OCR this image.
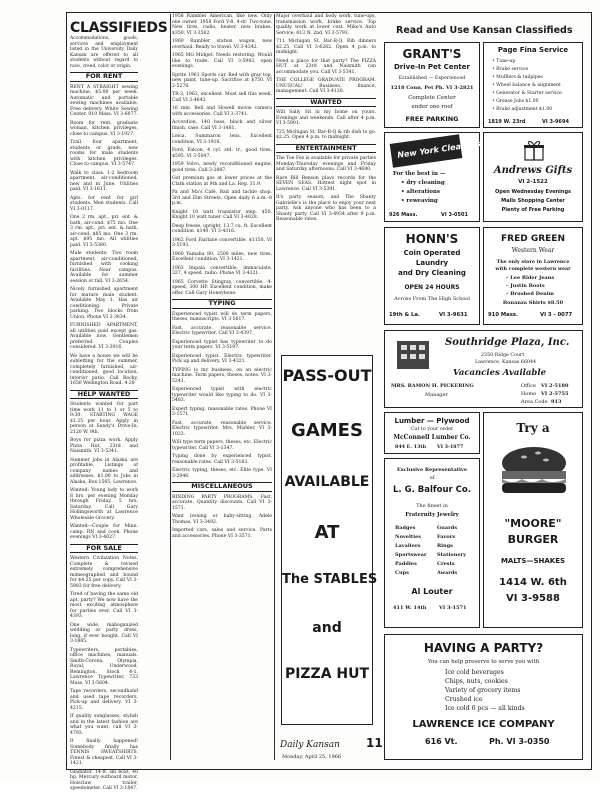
CLASSIFIEDS

Accommodations, goods, services and employment listed in the University Daily Kansan are offered to all students without regard to race, creed, color or origin.

FOR RENT

RENT A STRAIGHT sewing machine, $5.00 per week. Automatic and portable sewing machines available. Free delivery. White Sewing Center. 910 Mass. VI 3-6077.

Room for rent, graduate woman, kitchen privileges, close to campus. VI 3-1927.

Trail, four apartment, students or grads, new rooms for male students with kitchen privileges. Close to campus. VI 3-5747.

Walk to class. 1-2 bedroom apartment, air-conditioned, new and in June. Utilities paid. VI 3-1611.

Apts. for rent for girl students. Men students. Call VI 3-0117.

One 2 rm. apt., pri. ent. & bath, air-cond. $75 mo. One 3 rm. apt., pri. ent. & bath, air-cond. $85 mo. One 3 rm. apt. $95 mo. All utilities paid. VI 3-5380.

Male students: Two room apartment, air-conditioned, furnished with cooking facilities. Near campus. Available for summer session or fall. VI 3-2654.

Nicely furnished apartment for mature male student. Available May 1. Has air conditioning. Private parking. Two blocks from Union. Phone VI 3-3634.

FURNISHED APARTMENT, all utilities paid except gas. Available now. Gentlemen preferred. Couples considered. VI 3-3916.

We have a house we will be subletting for the summer, completely furnished, air-conditioned, good location, interior patio. Call Rocky, 1656 Wellington Road. 4-28

HELP WANTED

Students wanted for part time work 11 to 1 or 5 to 9:30. STARTING WAGE $1.25 per hour. Apply in person at Sandy's Drive-In, 2120 W. 9th.

Boys for pizza work. Apply Pizza Hut, 23rd and Naismith. VI 3-5341.

Summer jobs in Alaska are profitable. Listings of company names and addresses. $1.00 to Jobs in Alaska, Box 1565, Lawrence.

Wanted: Young lady to work 8 hrs. per evening Monday through Friday. 5 hrs. Saturday. Call Gary Hollingsworth at Lawrence Wholesale Grocery.

Wanted—Couple for Minn. camp. RN and cook. Phone evenings VI 3-4027.

FOR SALE

Western Civilization Notes. Complete & revised extremely comprehensive mimeographed and bound for $4.25 per copy. Call VI 3-5983 for free delivery.

Tired of having the same old apt. party? We now have the most exciting atmosphere for parties ever. Call VI 3-4393.

One wide, mahoganized wedding or party dress, long, if ever bought. Call VI 3-1865.

Typewriters, portables, office machines, manuals. Smith-Corona, Olympia, Royal, Underwood, Remington. Stock 4-1. Lawrence Typewriter, 733 Mass. VI 3-5604.

Tape recorders, secondhand and used tape recorders. Pick-up and delivery. VI 3-4215.

If quality sunglasses, stylish and in the latest fashion are what you want, call VI 3-4793.

It finally happened! Somebody finally has TENNIS SWEATSHIRTS. Finest & cheapest. Call VI 3-1421.

Gladiator, 14-ft. ski boat, 40 hp. Mercury outboard motor, Holsclaw trailer, speedometer. Call VI 3-1847.

1958 Rambler American, like new. Only one owner. 1958 Ford V-8, 4-dr. Two-tone. New tires, radio, heater, new brakes. $350. VI 3-3562.

1960 Rambler station wagon, new overhaul. Ready to travel. VI 3-4342.

1965 MG Midget. Needs restoring. Would like to trade. Call VI 3-5983, open evenings.

Sprite 1961 Sports car. Red with gray top, new paint, tune-up. Sacrifice at $750. VI 2-5278.

TR-3, 1962, excellent. Must sell this week. Call VI 3-4642.

16 mm. Bell and Howell movie camera with accessories. Call VI 3-3741.

Accordion, 140 bass, black and silver finish, case. Call VI 3-1481.

Leica, Summaron lens. Excellent condition. VI 3-1916.

Ford, Falcon, 4 cyl. std. tr., good tires. $595. VI 3-5047.

1959 Volvo, newly reconditioned engine, good tires. Call 3-2887.

Got premium gas at lower prices at the Clark station at 9th and La. Reg. 31.9.

Pa and Ma's Café. Bait and tackle shop. 3rd and Elm Streets. Open daily 6 a.m.–8 p.m.

Knight 10 watt transistor amp. $50. Knight 10 watt tuner. Call VI 3-4028.

Deep freeze, upright, 13.7 cu. ft. Excellent condition. $140. VI 3-4316.

1962 Ford Fairlane convertible. $1150. VI 3-5193.

1960 Yamaha 80, 2500 miles, new tires. Excellent condition. VI 3-1421.

1963 Impala convertible, immaculate, 327, 4 speed, radio. Phone VI 3-4321.

1965 Corvette Stingray, convertible, 4-speed, 300 HP. Excellent condition, make offer. Call Gary Honeybone.

TYPING

Experienced typist will do term papers, theses, manuscripts. VI 3-5617.

Fast, accurate, reasonable service. Electric typewriter. Call VI 3-4397.

Experienced typist has typewriter to do your term papers. VI 3-5197.

Experienced typist. Electric typewriter. Pick up and delivery. VI 3-4321.

TYPING is my business, on an electric machine. Term papers, theses, notes. VI 3-5241.

Experienced typist with electric typewriter would like typing to do. VI 3-5483.

Expert typing, reasonable rates. Phone VI 3-1571.

Fast, accurate, reasonable service. Electric typewriter. Mrs. Mishler, VI 3-1023.

Will type term papers, theses, etc. Electric typewriter. Call VI 3-1347.

Typing done by experienced typist, reasonable rates. Call VI 3-5183.

Electric typing, theses, etc. Elite type. VI 3-2946.

MISCELLANEOUS

BINDING PARTY PROGRAMS. Fast, accurate. Quantity discounts. Call VI 3-1571.

Want ironing or baby-sitting. Adele Thomas, VI 3-3492.

Imported cars, sales and service. Parts and accessories. Phone VI 3-3571.

Major overhaul and body work, tune-ups, transmission work, brake service. Top quality work at lower cost. Mike's Auto Service, 613 N. 2nd. VI 3-5793.

711 Michigan St. Bar-B-Q. Rib dinners $2.25. Call VI 3-6262. Open 4 p.m. to midnight.

Need a place for that party? The PIZZA HUT at 23rd and Naismith can accommodate you. Call VI 3-5341.

THE COLLEGE GRADUATE PROGRAM. UNUSUAL! Business, finance, management. Call VI 3-4120.

WANTED

Will Sally Sit in my home on yours. Evenings and weekends. Call after 4 p.m. VI 3-5901.

725 Michigan St. Bar-B-Q & rib dish to go. $2.25. Open 4 p.m. to midnight.

ENTERTAINMENT

The Toe Fez is available for private parties Monday-Thursday evenings and Friday and Saturday afternoons. Call VI 3-4680.

Rare Bill Benson plays records for the SEVEN SEAS. Hottest night spot in Lawrence. Call VI 3-5391.

It's party season, and The Shanty Gabrielle's is the place to enjoy your next party. Ask anyone who has been to a Shanty party. Call VI 3-4934 after 9 p.m. Reasonable rates.

PASS-OUT
GAMES
AVAILABLE
AT
The STABLES
and
PIZZA HUT
Daily Kansan 11
Monday, April 25, 1966
Read and Use Kansan Classifieds
GRANT'S
Drive-In Pet Center
Established — Experienced
1218 Conn. Pet Ph. VI 3-2821
Complete Center
under one roof
FREE PARKING
Page Fina Service
• Tune-up
• Brake service
• Mufflers & tailpipes
• Wheel balance & alignment
• Generator & Starter service
• Grease Jobs $1.00
• Brake adjustment $1.00
1819 W. 23rd	VI 3-9694
New York Cleaners
For the best in —
• dry cleaning
• alterations
• reweaving
926 Mass.	VI 3-0501
Andrews Gifts
VI 2-1522
Open Wednesday Evenings
Malls Shopping Center
Plenty of Free Parking
HONN'S
Coin Operated
Laundry
and Dry Cleaning
OPEN 24 HOURS
Across From The High School
19th & La.	VI 3-9631
FRED GREEN
Western Wear
The only store in Lawrence
with complete western wear
– Lee Rider Jeans
– Justin Boots
– Brushed Denim
Bonanza Shirts $8.50
910 Mass.	VI 3 - 0077
Southridge Plaza, Inc.
2350 Ridge Court
Lawrence, Kansas 66044
Vacancies Available
MRS. RAMON H. PICKERING
Manager
Office VI 2-5180
Home VI 2-5755
Area Code 913
Lumber — Plywood
Cut to your order
McConnell Lumber Co.
844 E. 13th VI 3-1877
Exclusive Representative
of
L. G. Balfour Co.
The finest in
Fraternity Jewelry
Badges
Novelties
Lavaliers
Sportswear
Paddles
Cups
Guards
Favors
Rings
Stationery
Crests
Awards
Al Louter
411 W. 14th	VI 3-1571
Try a
"MOORE"
BURGER
MALTS—SHAKES
1414 W. 6th
VI 3-9588
HAVING A PARTY?
You can help preserve to serve you with
Ice cold beverages
Chips, nuts, cookies
Variety of grocery items
Crushed ice
Ice cold 6 pcs — all kinds
LAWRENCE ICE COMPANY
616 Vt.	Ph. VI 3-0350
